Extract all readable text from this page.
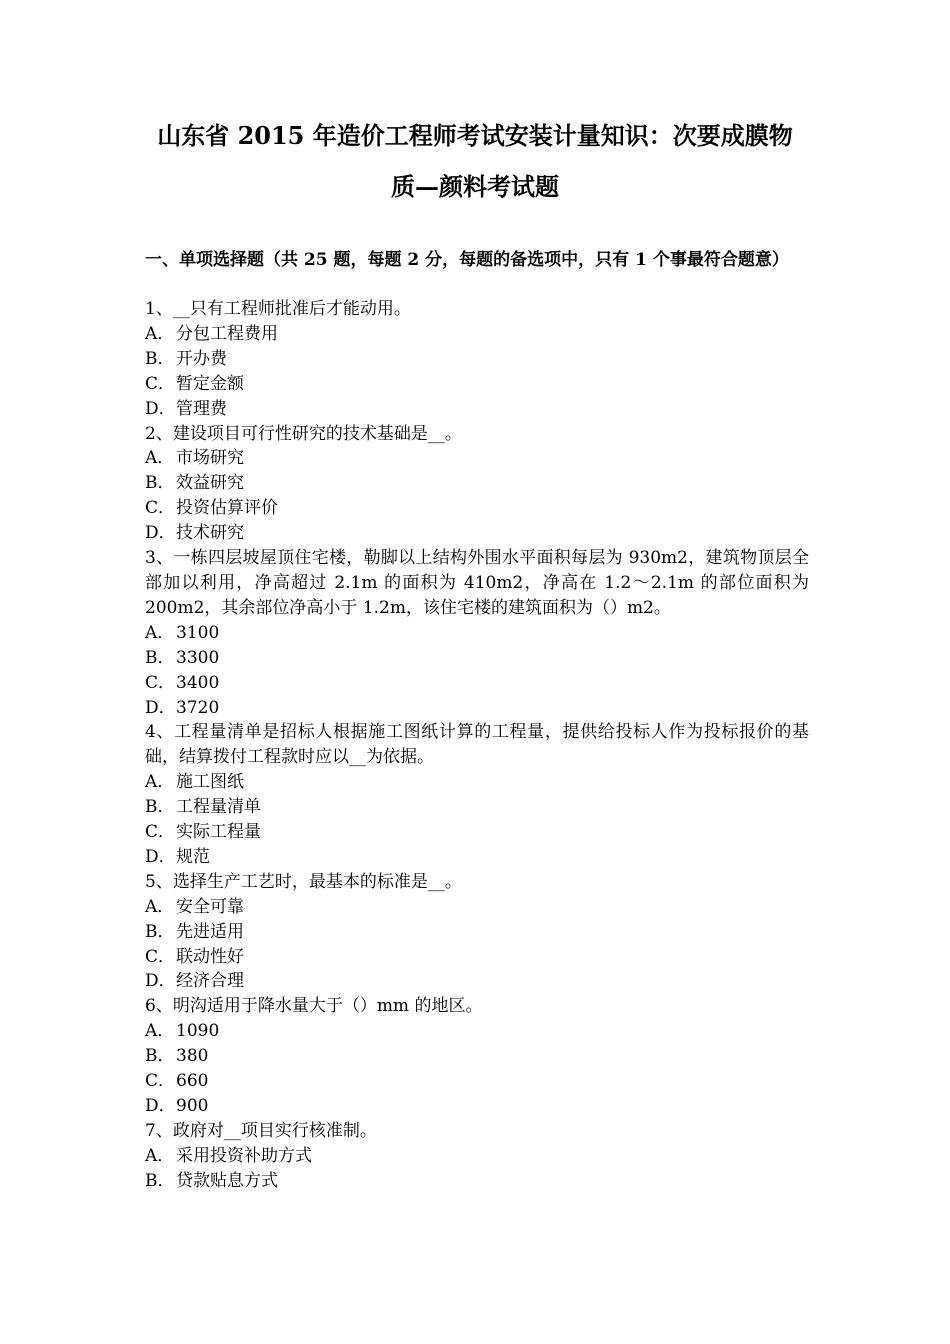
山东省 2015 年造价工程师考试安装计量知识：次要成膜物
质—颜料考试题

一、单项选择题（共 25 题，每题 2 分，每题的备选项中，只有 1 个事最符合题意）

1、__只有工程师批准后才能动用。

A． 分包工程费用

B．开办费

C．暂定金额

D．管理费

2、建设项目可行性研究的技术基础是__。

A． 市场研究

B．效益研究

C．投资估算评价

D．技术研究

3、一栋四层坡屋顶住宅楼，勒脚以上结构外围水平面积每层为 930m2，建筑物顶层全部加以利用，净高超过 2.1m 的面积为 410m2，净高在 1.2～2.1m 的部位面积为 200m2，其余部位净高小于 1.2m，该住宅楼的建筑面积为（）m2。

A． 3100

B．3300

C．3400

D．3720

4、工程量清单是招标人根据施工图纸计算的工程量，提供给投标人作为投标报价的基础，结算拨付工程款时应以__为依据。

A． 施工图纸

B．工程量清单

C．实际工程量

D．规范

5、选择生产工艺时，最基本的标准是__。

A． 安全可靠

B．先进适用

C．联动性好

D．经济合理

6、明沟适用于降水量大于（）mm 的地区。

A． 1090

B．380

C．660

D．900

7、政府对__项目实行核准制。

A． 采用投资补助方式

B．贷款贴息方式
